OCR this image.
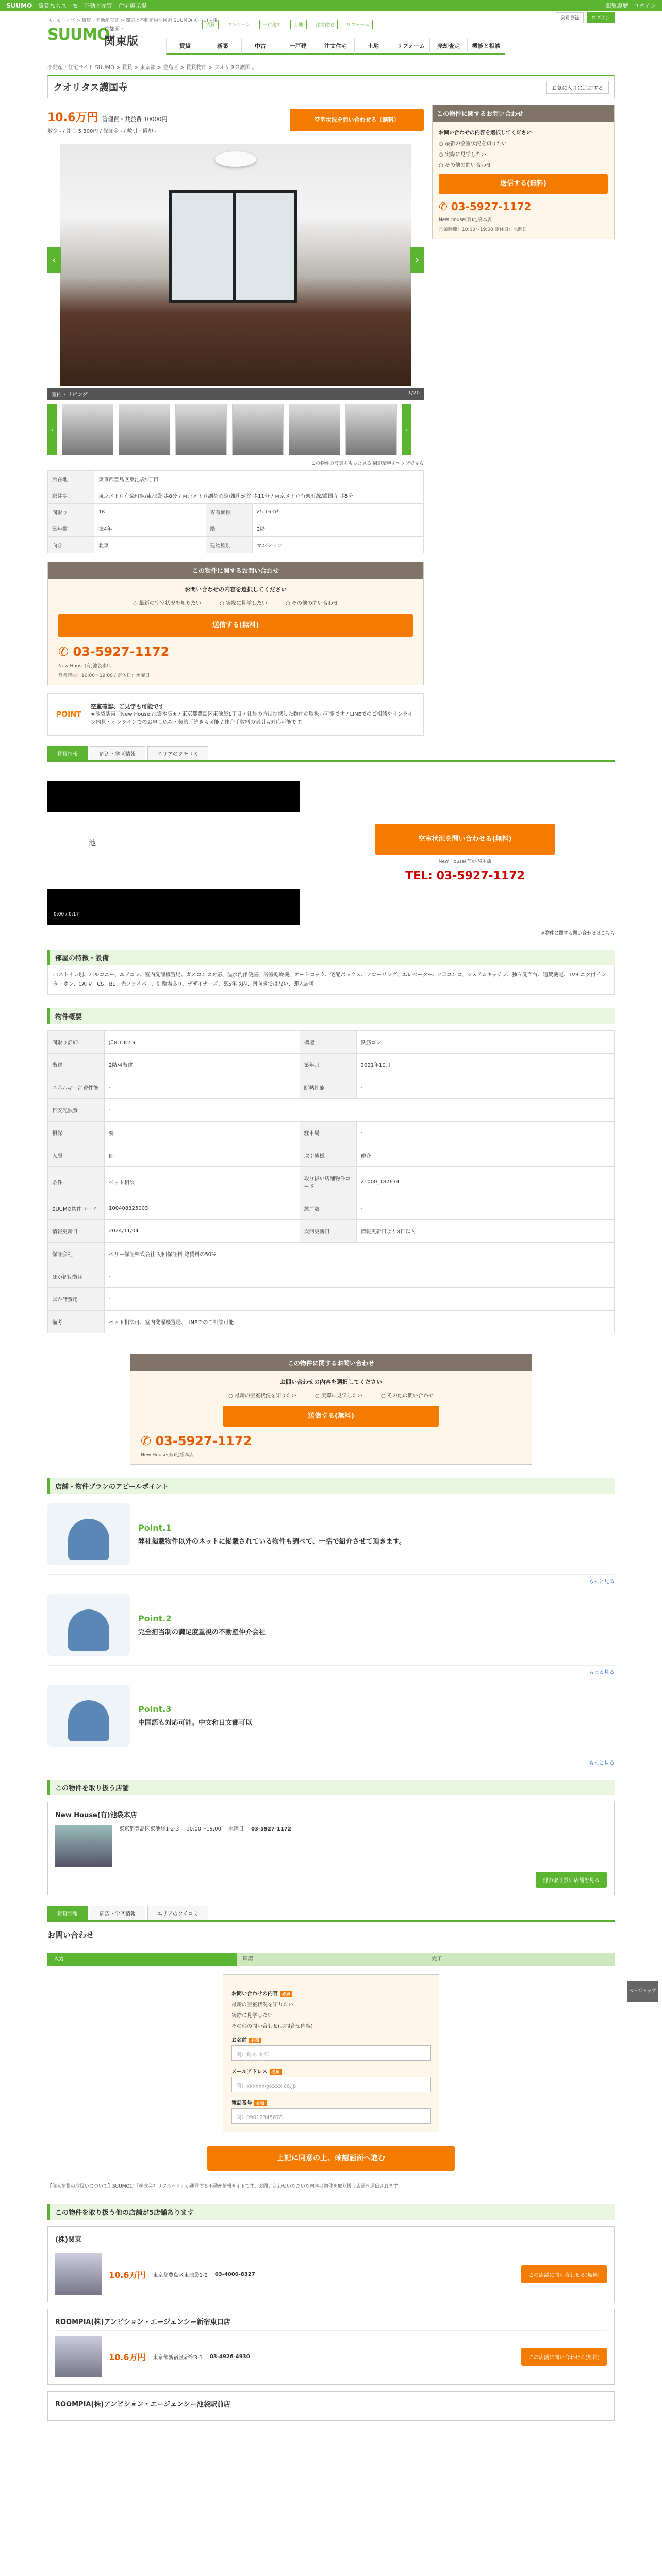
SUUMO 賃貸ならスーモ 不動産売買 住宅展示場	閲覧履歴 ログイン
スーモトップ > 賃貸・不動産売買 > 関東の不動産物件検索 SUUMO(スーモ)関東
SUUMO
首都圏・
関東版
賃貸	マンション	一戸建て	土地	注文住宅	リフォーム
会員登録	ログイン
賃貸	新築	中古	一戸建	注文住宅	土地	リフォーム	売却査定	機能と相談
不動産・住宅サイト SUUMO > 賃貸 > 東京都 > 豊島区 > 賃貸物件 > クオリタス護国寺
クオリタス護国寺	お気に入りに追加する
10.6万円 管理費・共益費 10000円
敷金 - / 礼金 5,300円 / 保証金 - / 敷引・償却 -
空室状況を問い合わせる（無料）
‹	›
室内・リビング	1/20
‹	›
この物件の写真をもっと見る 周辺環境をマップで見る
所在地	東京都豊島区東池袋5丁目		
駅徒歩	東京メトロ有楽町線/東池袋 歩8分 / 東京メトロ副都心線/雑司が谷 歩11分 / 東京メトロ有楽町線/護国寺 歩5分		
間取り	1K	専有面積	25.16m²
築年数	築4年	階	2階
向き	北東	建物種別	マンション
この物件に関するお問い合わせ
お問い合わせの内容を選択してください
○ 最新の空室状況を知りたい	○ 実際に見学したい	○ その他の問い合わせ
送信する(無料)
✆ 03-5927-1172
New House(有)池袋本店
営業時間：10:00～19:00 / 定休日：水曜日
POINT
空室確認、ご見学も可能です
★池袋駅東口New House 池袋本店★ / 東京都豊島区東池袋1丁目 / 社員の方は提携した物件の取扱い可能です / LINEでのご相談やオンライン内見・オンラインでのお申し込み・契約手続きも可能 / 仲介手数料の割引も対応可能です。
この物件に関するお問い合わせ
お問い合わせの内容を選択してください
○ 最新の空室状況を知りたい
○ 実際に見学したい
○ その他の問い合わせ
送信する(無料)
✆ 03-5927-1172
New House(有)池袋本店
営業時間：10:00～19:00 定休日：水曜日
賃貸情報	周辺・学区情報	エリアのクチコミ
池
0:00 / 0:17
空室状況を問い合わせる(無料)
New House(有)池袋本店
TEL: 03-5927-1172
※物件に関する問い合わせはこちら
部屋の特徴・設備
バストイレ別、バルコニー、エアコン、室内洗濯機置場、ガスコンロ対応、温水洗浄便座、浴室乾燥機、オートロック、宅配ボックス、フローリング、エレベーター、2口コンロ、システムキッチン、独立洗面台、追焚機能、TVモニタ付インターホン、CATV、CS、BS、光ファイバー、駐輪場あり、デザイナーズ、築5年以内、南向きではない、即入居可
物件概要
間取り詳細	洋8.1 K2.9	構造	鉄筋コン
階建	2階/4階建	築年月	2021年10月
エネルギー消費性能	-	断熱性能	-
目安光熱費	-		
損保	要	駐車場	-
入居	即	取引態様	仲介
条件	ペット相談	取り扱い店舗物件コード	21000_187674
SUUMO物件コード	100408325003	総戸数	-
情報更新日	2024/11/04	次回更新日	情報更新日より8日以内
保証会社	ベリー保証株式会社 初回保証料 総賃料の50%		
ほか初期費用	-		
ほか諸費用	-		
備考	ペット相談可、室内洗濯機置場、LINEでのご相談可能		
この物件に関するお問い合わせ
お問い合わせの内容を選択してください
○ 最新の空室状況を知りたい	○ 実際に見学したい	○ その他の問い合わせ
送信する(無料)
✆ 03-5927-1172
New House(有)池袋本店
店舗・物件プランのアピールポイント
Point.1
弊社掲載物件以外のネットに掲載されている物件も調べて、一括で紹介させて頂きます。
もっと見る
Point.2
完全担当制の満足度重視の不動産仲介会社
もっと見る
Point.3
中国語も対応可能。中文和日文都可以
もっと見る
この物件を取り扱う店舗
New House(有)池袋本店
東京都豊島区東池袋1-2-3 10:00～19:00 水曜日 03-5927-1172
他の取り扱い店舗を見る
賃貸情報	周辺・学区情報	エリアのクチコミ
お問い合わせ
入力	確認	完了
お問い合わせの内容 必須
最新の空室状況を知りたい
実際に見学したい
その他の問い合わせ(お問合せ内容)
お名前 必須
例）鈴木 太郎
メールアドレス 必須
例）xxxxxx@xxxx.co.jp
電話番号 必須
例）09012345678
上記に同意の上、確認画面へ進む
【個人情報の取扱いについて】SUUMOは「株式会社リクルート」が運営する不動産情報サイトです。お問い合わせいただいた内容は物件を取り扱う店舗へ送信されます。
この物件を取り扱う他の店舗が5店舗あります
(株)関東
10.6万円 東京都豊島区東池袋1-2 03-4000-8327	この店舗に問い合わせる(無料)
ROOMPIA(株)アンビション・エージェンシー新宿東口店
10.6万円 東京都新宿区新宿3-1 03-4926-4930	この店舗に問い合わせる(無料)
ROOMPIA(株)アンビション・エージェンシー池袋駅前店
ページトップ
